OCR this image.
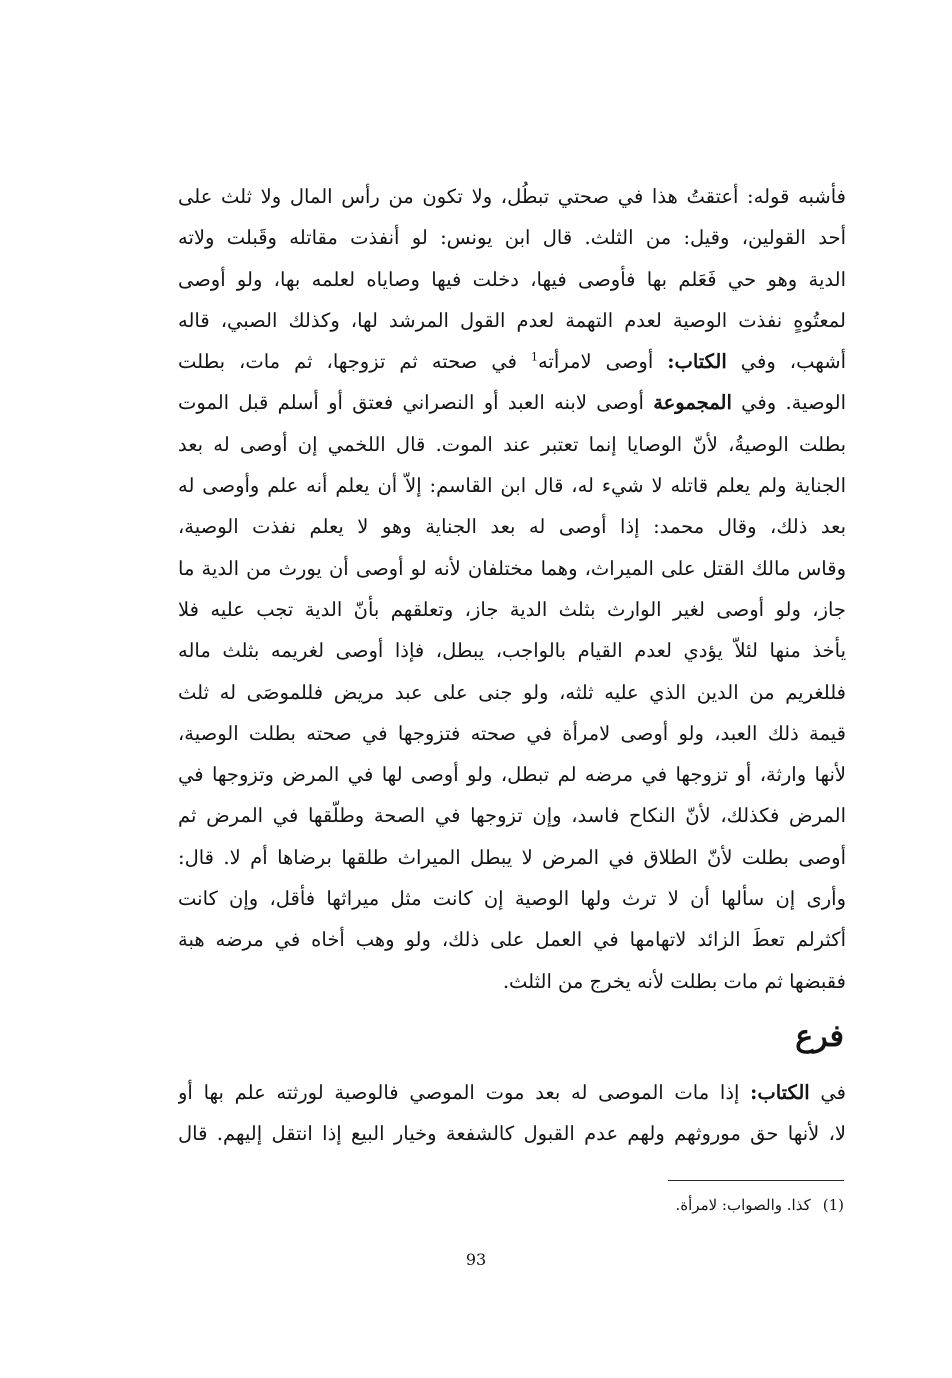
فأشبه قوله: أعتقتُ هذا في صحتي تبطُل، ولا تكون من رأس المال ولا ثلث على
أحد القولين، وقيل: من الثلث. قال ابن يونس: لو أنفذت مقاتله وقَبلت ولاته
الدية وهو حي فَعَلم بها فأوصى فيها، دخلت فيها وصاياه لعلمه بها، ولو أوصى
لمعتُوهٍ نفذت الوصية لعدم التهمة لعدم القول المرشد لها، وكذلك الصبي، قاله
أشهب، وفي الكتاب: أوصى لامرأته$^1$ في صحته ثم تزوجها، ثم مات، بطلت
الوصية. وفي المجموعة أوصى لابنه العبد أو النصراني فعتق أو أسلم قبل الموت
بطلت الوصيةُ، لأنّ الوصايا إنما تعتبر عند الموت. قال اللخمي إن أوصى له بعد
الجناية ولم يعلم قاتله لا شيء له، قال ابن القاسم: إلاّ أن يعلم أنه علم وأوصى له
بعد ذلك، وقال محمد: إذا أوصى له بعد الجناية وهو لا يعلم نفذت الوصية،
وقاس مالك القتل على الميراث، وهما مختلفان لأنه لو أوصى أن يورث من الدية ما
جاز، ولو أوصى لغير الوارث بثلث الدية جاز، وتعلقهم بأنّ الدية تجب عليه فلا
يأخذ منها لئلاّ يؤدي لعدم القيام بالواجب، يبطل، فإذا أوصى لغريمه بثلث ماله
فللغريم من الدين الذي عليه ثلثه، ولو جنى على عبد مريض فللموصَى له ثلث
قيمة ذلك العبد، ولو أوصى لامرأة في صحته فتزوجها في صحته بطلت الوصية،
لأنها وارثة، أو تزوجها في مرضه لم تبطل، ولو أوصى لها في المرض وتزوجها في
المرض فكذلك، لأنّ النكاح فاسد، وإن تزوجها في الصحة وطلّقها في المرض ثم
أوصى بطلت لأنّ الطلاق في المرض لا يبطل الميراث طلقها برضاها أم لا. قال:
وأرى إن سألها أن لا ترث ولها الوصية إن كانت مثل ميراثها فأقل، وإن كانت
أكثرلم تعطَ الزائد لاتهامها في العمل على ذلك، ولو وهب أخاه في مرضه هبة
فقبضها ثم مات بطلت لأنه يخرج من الثلث.
فرع
في الكتاب: إذا مات الموصى له بعد موت الموصي فالوصية لورثته علم بها أو
لا، لأنها حق موروثهم ولهم عدم القبول كالشفعة وخيار البيع إذا انتقل إليهم. قال
(1)كذا. والصواب: لامرأة.
93
